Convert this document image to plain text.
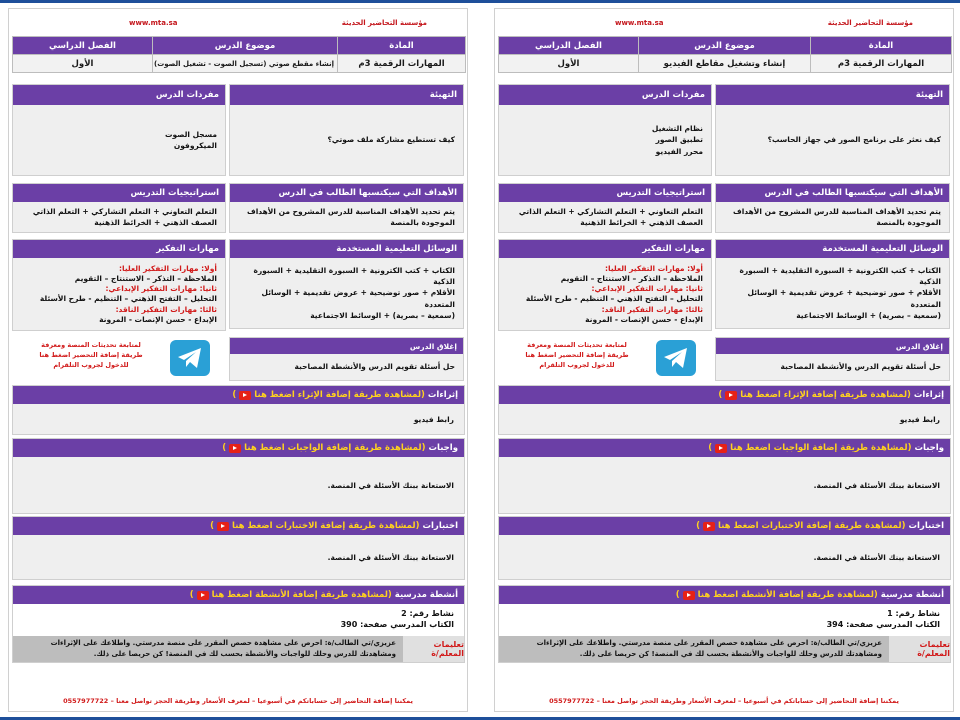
مؤسسة التحاضير الحديثة
www.mta.sa
المادة	موضوع الدرس	الفصل الدراسي
المهارات الرقمية 3م	إنشاء وتشغيل مقاطع الفيديو	الأول
التهيئة
كيف نعثر على برنامج الصور في جهاز الحاسب؟
مفردات الدرس
نظام التشغيل
تطبيق الصور
محرر الفيديو
الأهداف التي سيكتسبها الطالب في الدرس
يتم تحديد الأهداف المناسبة للدرس المشروح من الأهداف الموجودة بالمنصة
استراتيجيات التدريس
التعلم التعاوني + التعلم التشاركي + التعلم الذاتي
العصف الذهني + الخرائط الذهنية
الوسائل التعليمية المستخدمة
الكتاب + كتب الكترونية + السبورة التقليدية + السبورة الذكية
الأقلام + صور توضيحية + عروض تقديمية + الوسائل المتعددة
(سمعية – بصرية) + الوسائط الاجتماعية
مهارات التفكير
أولا: مهارات التفكير العليا:
الملاحظة – التذكر – الاستنتاج – التقويم
ثانيا: مهارات التفكير الإبداعي:
التحليل – التفتح الذهني – التنظيم - طرح الأسئلة
ثالثا: مهارات التفكير الناقد:
الإبداع - حسن الإنصات - المرونة
لمتابعة تحديثات المنصة ومعرفة طريقة إضافة التحضير اضغط هنا للدخول لجروب التلقرام
إغلاق الدرس
حل أسئلة تقويم الدرس والأنشطة المصاحبة
إثراءات
(لمشاهدة طريقة إضافة الإثراء اضغط هنا
)
رابط فيديو
واجبات
(لمشاهدة طريقة إضافة الواجبات اضغط هنا
)
الاستعانة ببنك الأسئلة في المنصة.
اختبارات
(لمشاهدة طريقة إضافة الاختبارات اضغط هنا
)
الاستعانة ببنك الأسئلة في المنصة.
أنشطة مدرسية
(لمشاهدة طريقة إضافة الأنشطة اضغط هنا
)
نشاط رقم: 1
الكتاب المدرسي صفحة: 394
تعليمات المعلم/ة
عزيزي/تي الطالب/ة: احرص على مشاهدة حصص المقرر على منصة مدرستي. واطلاعك على الإثراءات ومشاهدتك للدرس وحلك للواجبات والأنشطة بحسب لك في المنصة! كن حريصا على ذلك.
يمكننا إضافة التحاضير إلى حساباتكم في أسبوعيا – لمعرف الأسعار وطريقة الحجز تواصل معنا – 0557977722
مؤسسة التحاضير الحديثة
www.mta.sa
المادة	موضوع الدرس	الفصل الدراسي
المهارات الرقمية 3م	إنشاء مقطع صوتي (تسجيل الصوت - تشغيل الصوت)	الأول
التهيئة
كيف تستطيع مشاركة ملف صوتي؟
مفردات الدرس
مسجل الصوت
الميكروفون
الأهداف التي سيكتسبها الطالب في الدرس
يتم تحديد الأهداف المناسبة للدرس المشروح من الأهداف الموجودة بالمنصة
استراتيجيات التدريس
التعلم التعاوني + التعلم التشاركي + التعلم الذاتي
العصف الذهني + الخرائط الذهنية
الوسائل التعليمية المستخدمة
الكتاب + كتب الكترونية + السبورة التقليدية + السبورة الذكية
الأقلام + صور توضيحية + عروض تقديمية + الوسائل المتعددة
(سمعية – بصرية) + الوسائط الاجتماعية
مهارات التفكير
أولا: مهارات التفكير العليا:
الملاحظة – التذكر – الاستنتاج – التقويم
ثانيا: مهارات التفكير الإبداعي:
التحليل – التفتح الذهني – التنظيم - طرح الأسئلة
ثالثا: مهارات التفكير الناقد:
الإبداع - حسن الإنصات - المرونة
لمتابعة تحديثات المنصة ومعرفة طريقة إضافة التحضير اضغط هنا للدخول لجروب التلقرام
إغلاق الدرس
حل أسئلة تقويم الدرس والأنشطة المصاحبة
إثراءات
(لمشاهدة طريقة إضافة الإثراء اضغط هنا
)
رابط فيديو
واجبات
(لمشاهدة طريقة إضافة الواجبات اضغط هنا
)
الاستعانة ببنك الأسئلة في المنصة.
اختبارات
(لمشاهدة طريقة إضافة الاختبارات اضغط هنا
)
الاستعانة ببنك الأسئلة في المنصة.
أنشطة مدرسية
(لمشاهدة طريقة إضافة الأنشطة اضغط هنا
)
نشاط رقم: 2
الكتاب المدرسي صفحة: 390
تعليمات المعلم/ة
عزيزي/تي الطالب/ة: احرص على مشاهدة حصص المقرر على منصة مدرستي. واطلاعك على الإثراءات ومشاهدتك للدرس وحلك للواجبات والأنشطة بحسب لك في المنصة! كن حريصا على ذلك.
يمكننا إضافة التحاضير إلى حساباتكم في أسبوعيا – لمعرف الأسعار وطريقة الحجز تواصل معنا – 0557977722
